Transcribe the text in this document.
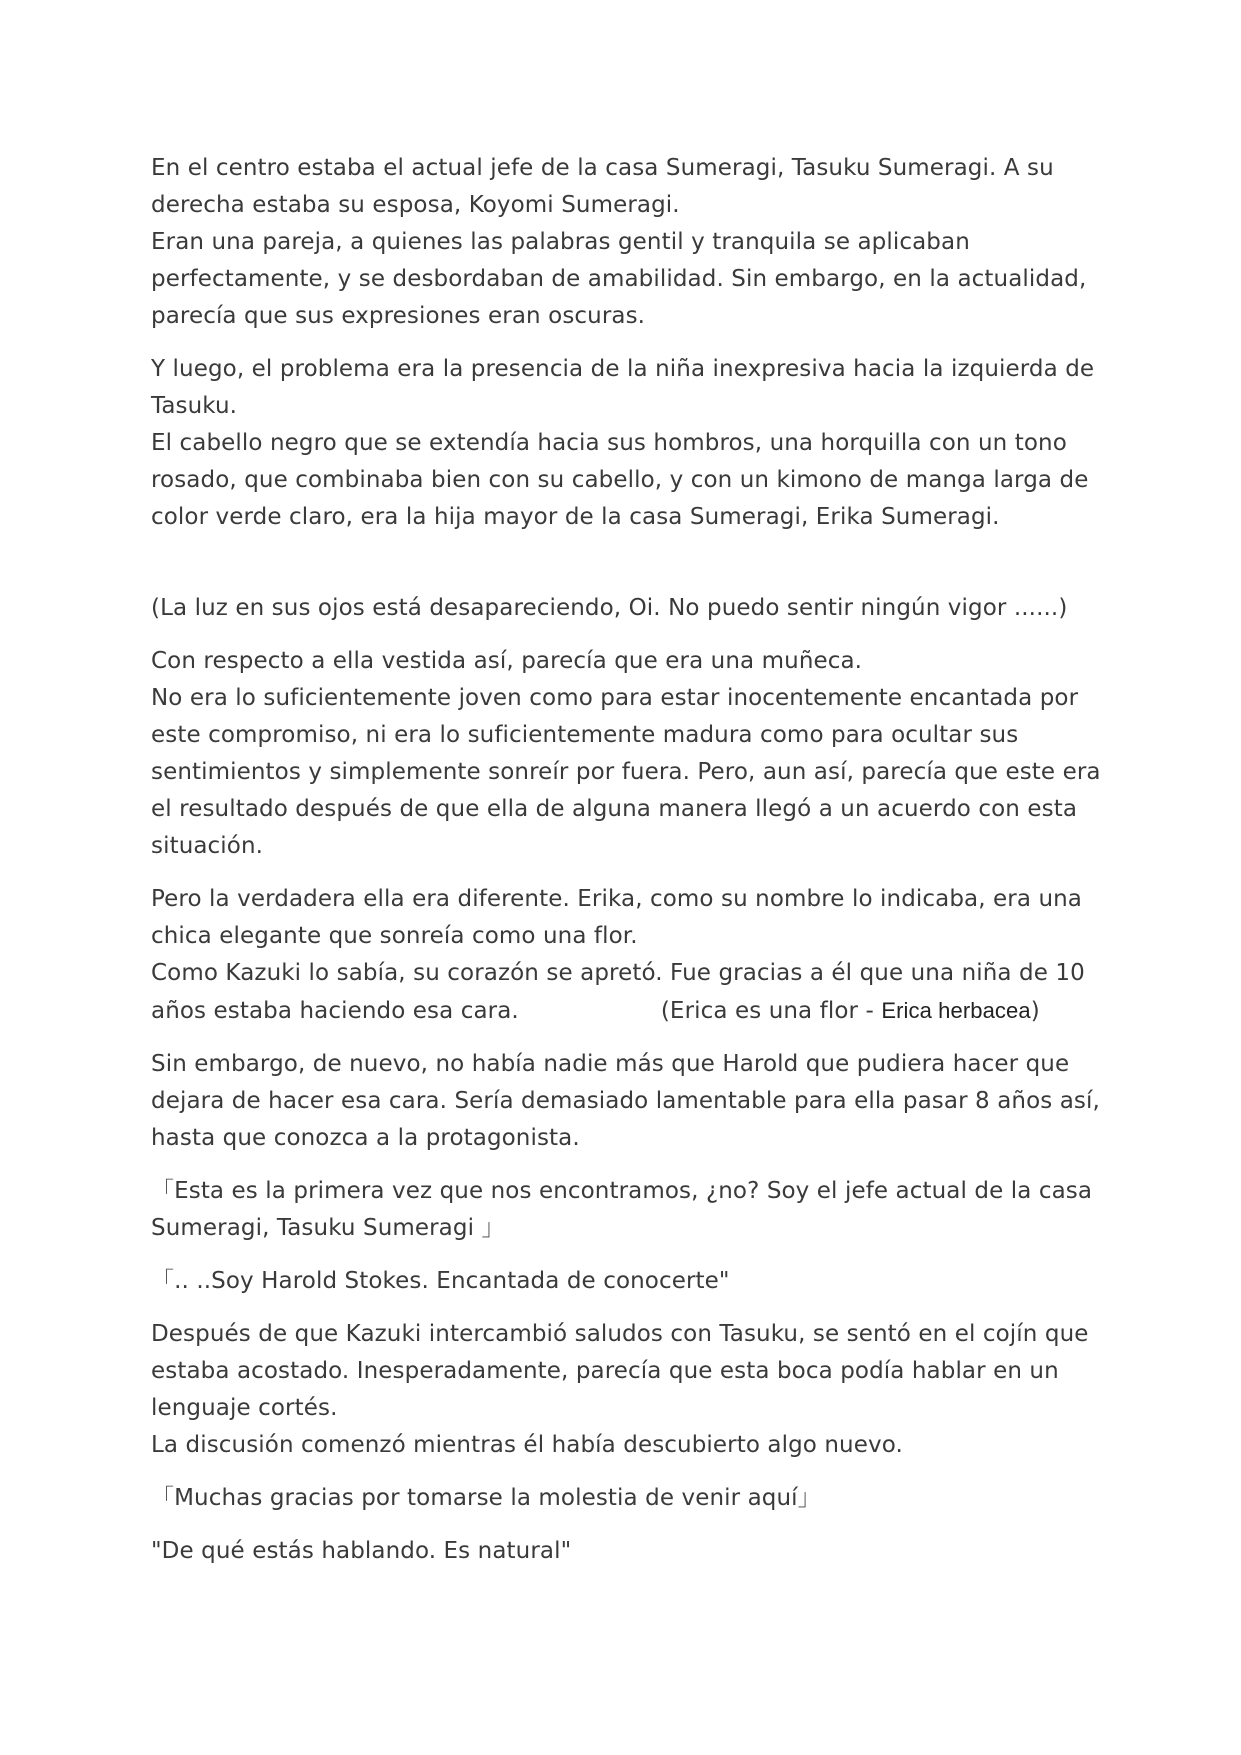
En el centro estaba el actual jefe de la casa Sumeragi, Tasuku Sumeragi. A su
derecha estaba su esposa, Koyomi Sumeragi.
Eran una pareja, a quienes las palabras gentil y tranquila se aplicaban
perfectamente, y se desbordaban de amabilidad. Sin embargo, en la actualidad,
parecía que sus expresiones eran oscuras.
Y luego, el problema era la presencia de la niña inexpresiva hacia la izquierda de
Tasuku.
El cabello negro que se extendía hacia sus hombros, una horquilla con un tono
rosado, que combinaba bien con su cabello, y con un kimono de manga larga de
color verde claro, era la hija mayor de la casa Sumeragi, Erika Sumeragi.
(La luz en sus ojos está desapareciendo, Oi. No puedo sentir ningún vigor ......)
Con respecto a ella vestida así, parecía que era una muñeca.
No era lo suficientemente joven como para estar inocentemente encantada por
este compromiso, ni era lo suficientemente madura como para ocultar sus
sentimientos y simplemente sonreír por fuera. Pero, aun así, parecía que este era
el resultado después de que ella de alguna manera llegó a un acuerdo con esta
situación.
Pero la verdadera ella era diferente. Erika, como su nombre lo indicaba, era una
chica elegante que sonreía como una flor.
Como Kazuki lo sabía, su corazón se apretó. Fue gracias a él que una niña de 10
años estaba haciendo esa cara.	(Erica es una flor - Erica herbacea)
Sin embargo, de nuevo, no había nadie más que Harold que pudiera hacer que
dejara de hacer esa cara. Sería demasiado lamentable para ella pasar 8 años así,
hasta que conozca a la protagonista.
「Esta es la primera vez que nos encontramos, ¿no? Soy el jefe actual de la casa
Sumeragi, Tasuku Sumeragi 」
「.. ..Soy Harold Stokes. Encantada de conocerte"
Después de que Kazuki intercambió saludos con Tasuku, se sentó en el cojín que
estaba acostado. Inesperadamente, parecía que esta boca podía hablar en un
lenguaje cortés.
La discusión comenzó mientras él había descubierto algo nuevo.
「Muchas gracias por tomarse la molestia de venir aquí」
"De qué estás hablando. Es natural"
